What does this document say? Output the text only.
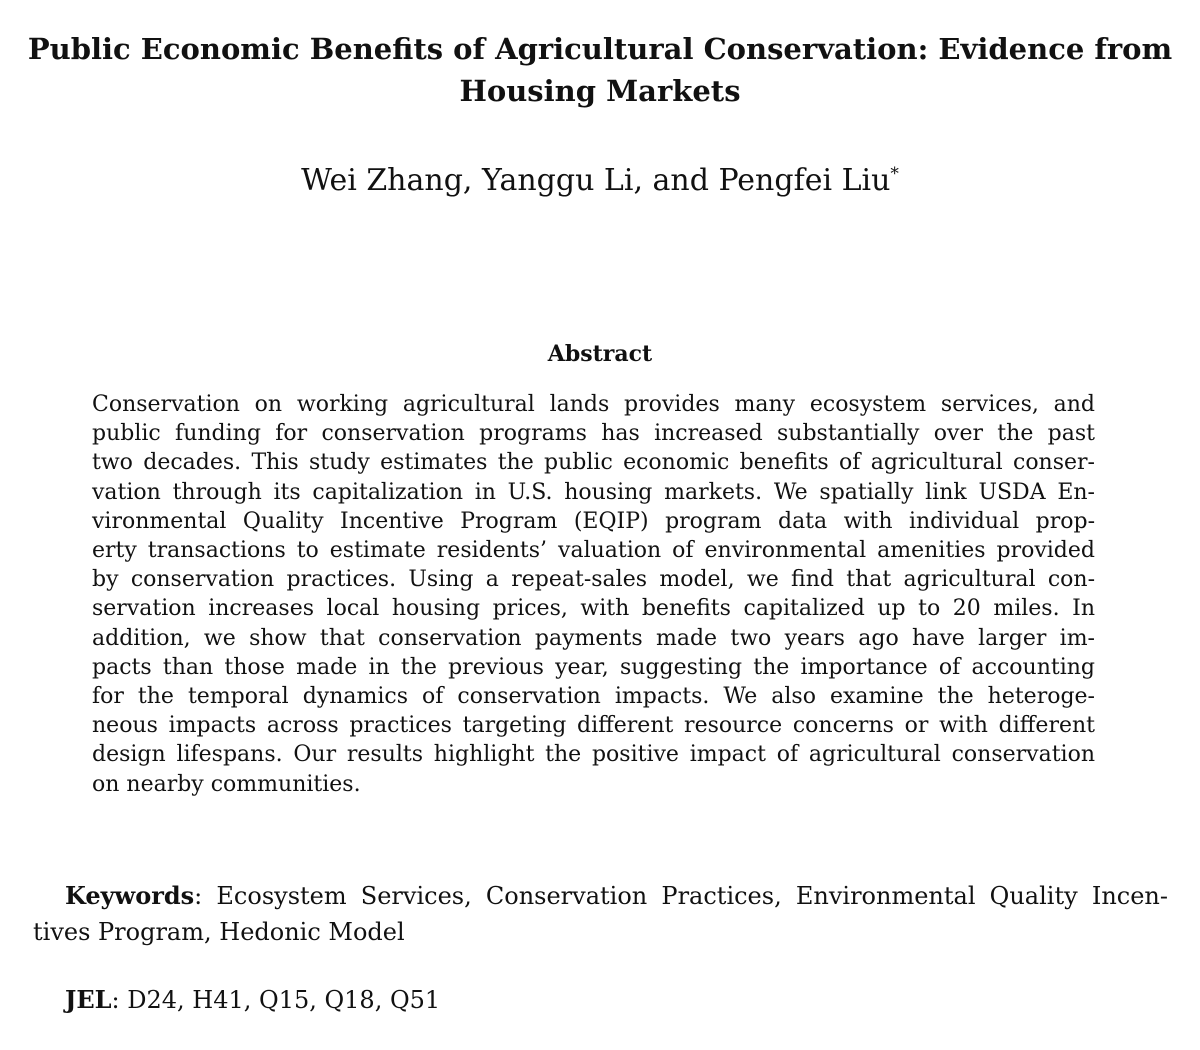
Public Economic Benefits of Agricultural Conservation: Evidence from
Housing Markets
Wei Zhang, Yanggu Li, and Pengfei Liu*
Abstract
Conservation on working agricultural lands provides many ecosystem services, and
public funding for conservation programs has increased substantially over the past
two decades. This study estimates the public economic benefits of agricultural conser-
vation through its capitalization in U.S. housing markets. We spatially link USDA En-
vironmental Quality Incentive Program (EQIP) program data with individual prop-
erty transactions to estimate residents’ valuation of environmental amenities provided
by conservation practices. Using a repeat-sales model, we find that agricultural con-
servation increases local housing prices, with benefits capitalized up to 20 miles. In
addition, we show that conservation payments made two years ago have larger im-
pacts than those made in the previous year, suggesting the importance of accounting
for the temporal dynamics of conservation impacts. We also examine the heteroge-
neous impacts across practices targeting different resource concerns or with different
design lifespans. Our results highlight the positive impact of agricultural conservation
on nearby communities.
Keywords: Ecosystem Services, Conservation Practices, Environmental Quality Incen-
tives Program, Hedonic Model
JEL: D24, H41, Q15, Q18, Q51
